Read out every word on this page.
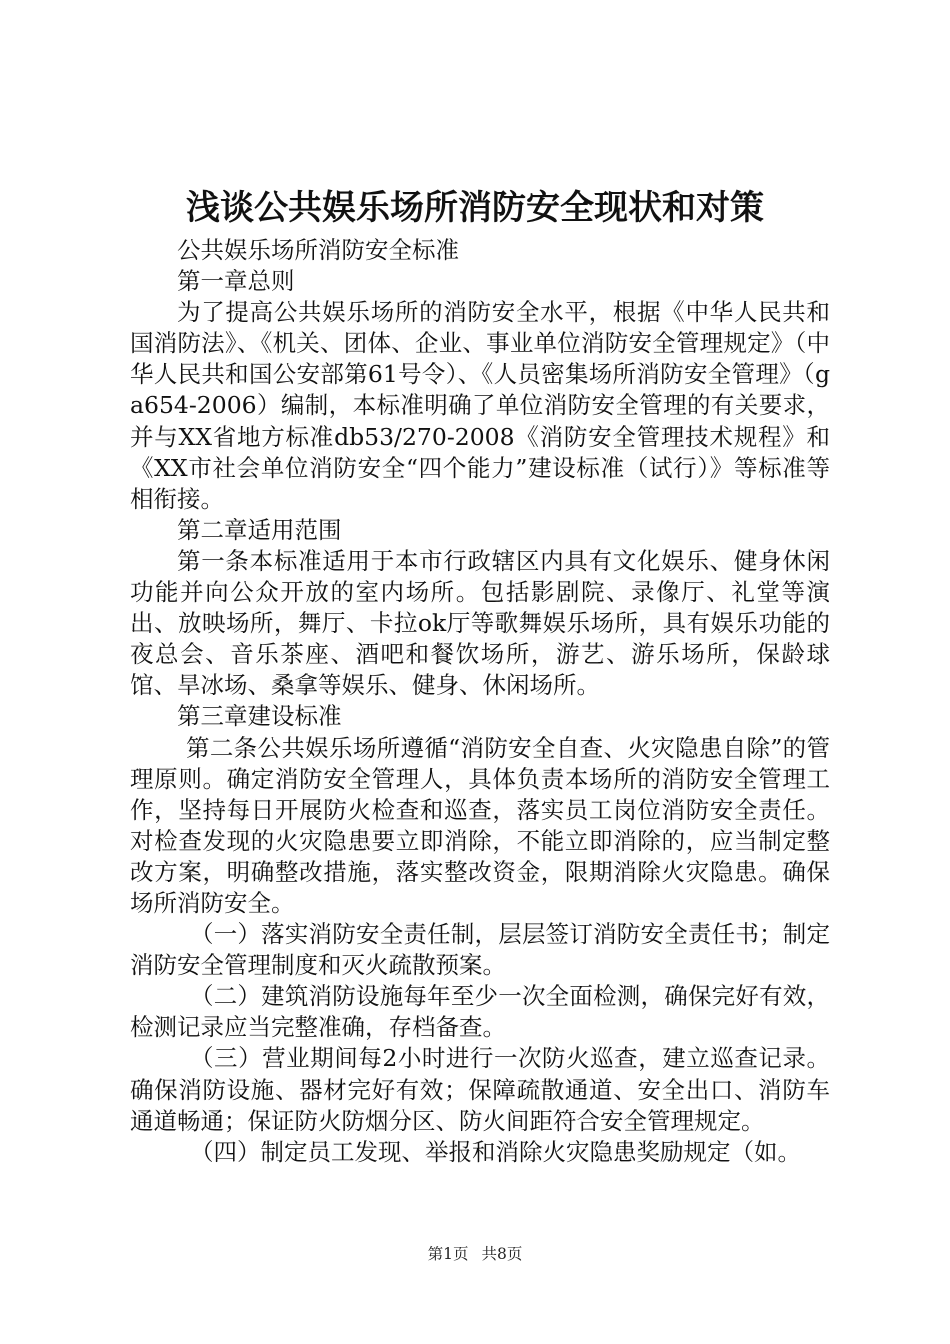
浅谈公共娱乐场所消防安全现状和对策

公共娱乐场所消防安全标准

第一章总则

为了提高公共娱乐场所的消防安全水平，根据《中华人民共和国消防法》、《机关、团体、企业、事业单位消防安全管理规定》（中华人民共和国公安部第61号令）、《人员密集场所消防安全管理》（ga654-2006）编制，本标准明确了单位消防安全管理的有关要求，并与XX省地方标准db53/270-2008《消防安全管理技术规程》和《XX市社会单位消防安全“四个能力”建设标准（试行）》等标准等相衔接。

第二章适用范围

第一条本标准适用于本市行政辖区内具有文化娱乐、健身休闲功能并向公众开放的室内场所。包括影剧院、录像厅、礼堂等演出、放映场所，舞厅、卡拉ok厅等歌舞娱乐场所，具有娱乐功能的夜总会、音乐茶座、酒吧和餐饮场所，游艺、游乐场所，保龄球馆、旱冰场、桑拿等娱乐、健身、休闲场所。

第三章建设标准

第二条公共娱乐场所遵循“消防安全自查、火灾隐患自除”的管理原则。确定消防安全管理人，具体负责本场所的消防安全管理工作，坚持每日开展防火检查和巡查，落实员工岗位消防安全责任。对检查发现的火灾隐患要立即消除，不能立即消除的，应当制定整改方案，明确整改措施，落实整改资金，限期消除火灾隐患。确保场所消防安全。

（一）落实消防安全责任制，层层签订消防安全责任书；制定消防安全管理制度和灭火疏散预案。

（二）建筑消防设施每年至少一次全面检测，确保完好有效，检测记录应当完整准确，存档备查。

（三）营业期间每2小时进行一次防火巡查，建立巡查记录。确保消防设施、器材完好有效；保障疏散通道、安全出口、消防车通道畅通；保证防火防烟分区、防火间距符合安全管理规定。

（四）制定员工发现、举报和消除火灾隐患奖励规定（如。

第1页 共8页
